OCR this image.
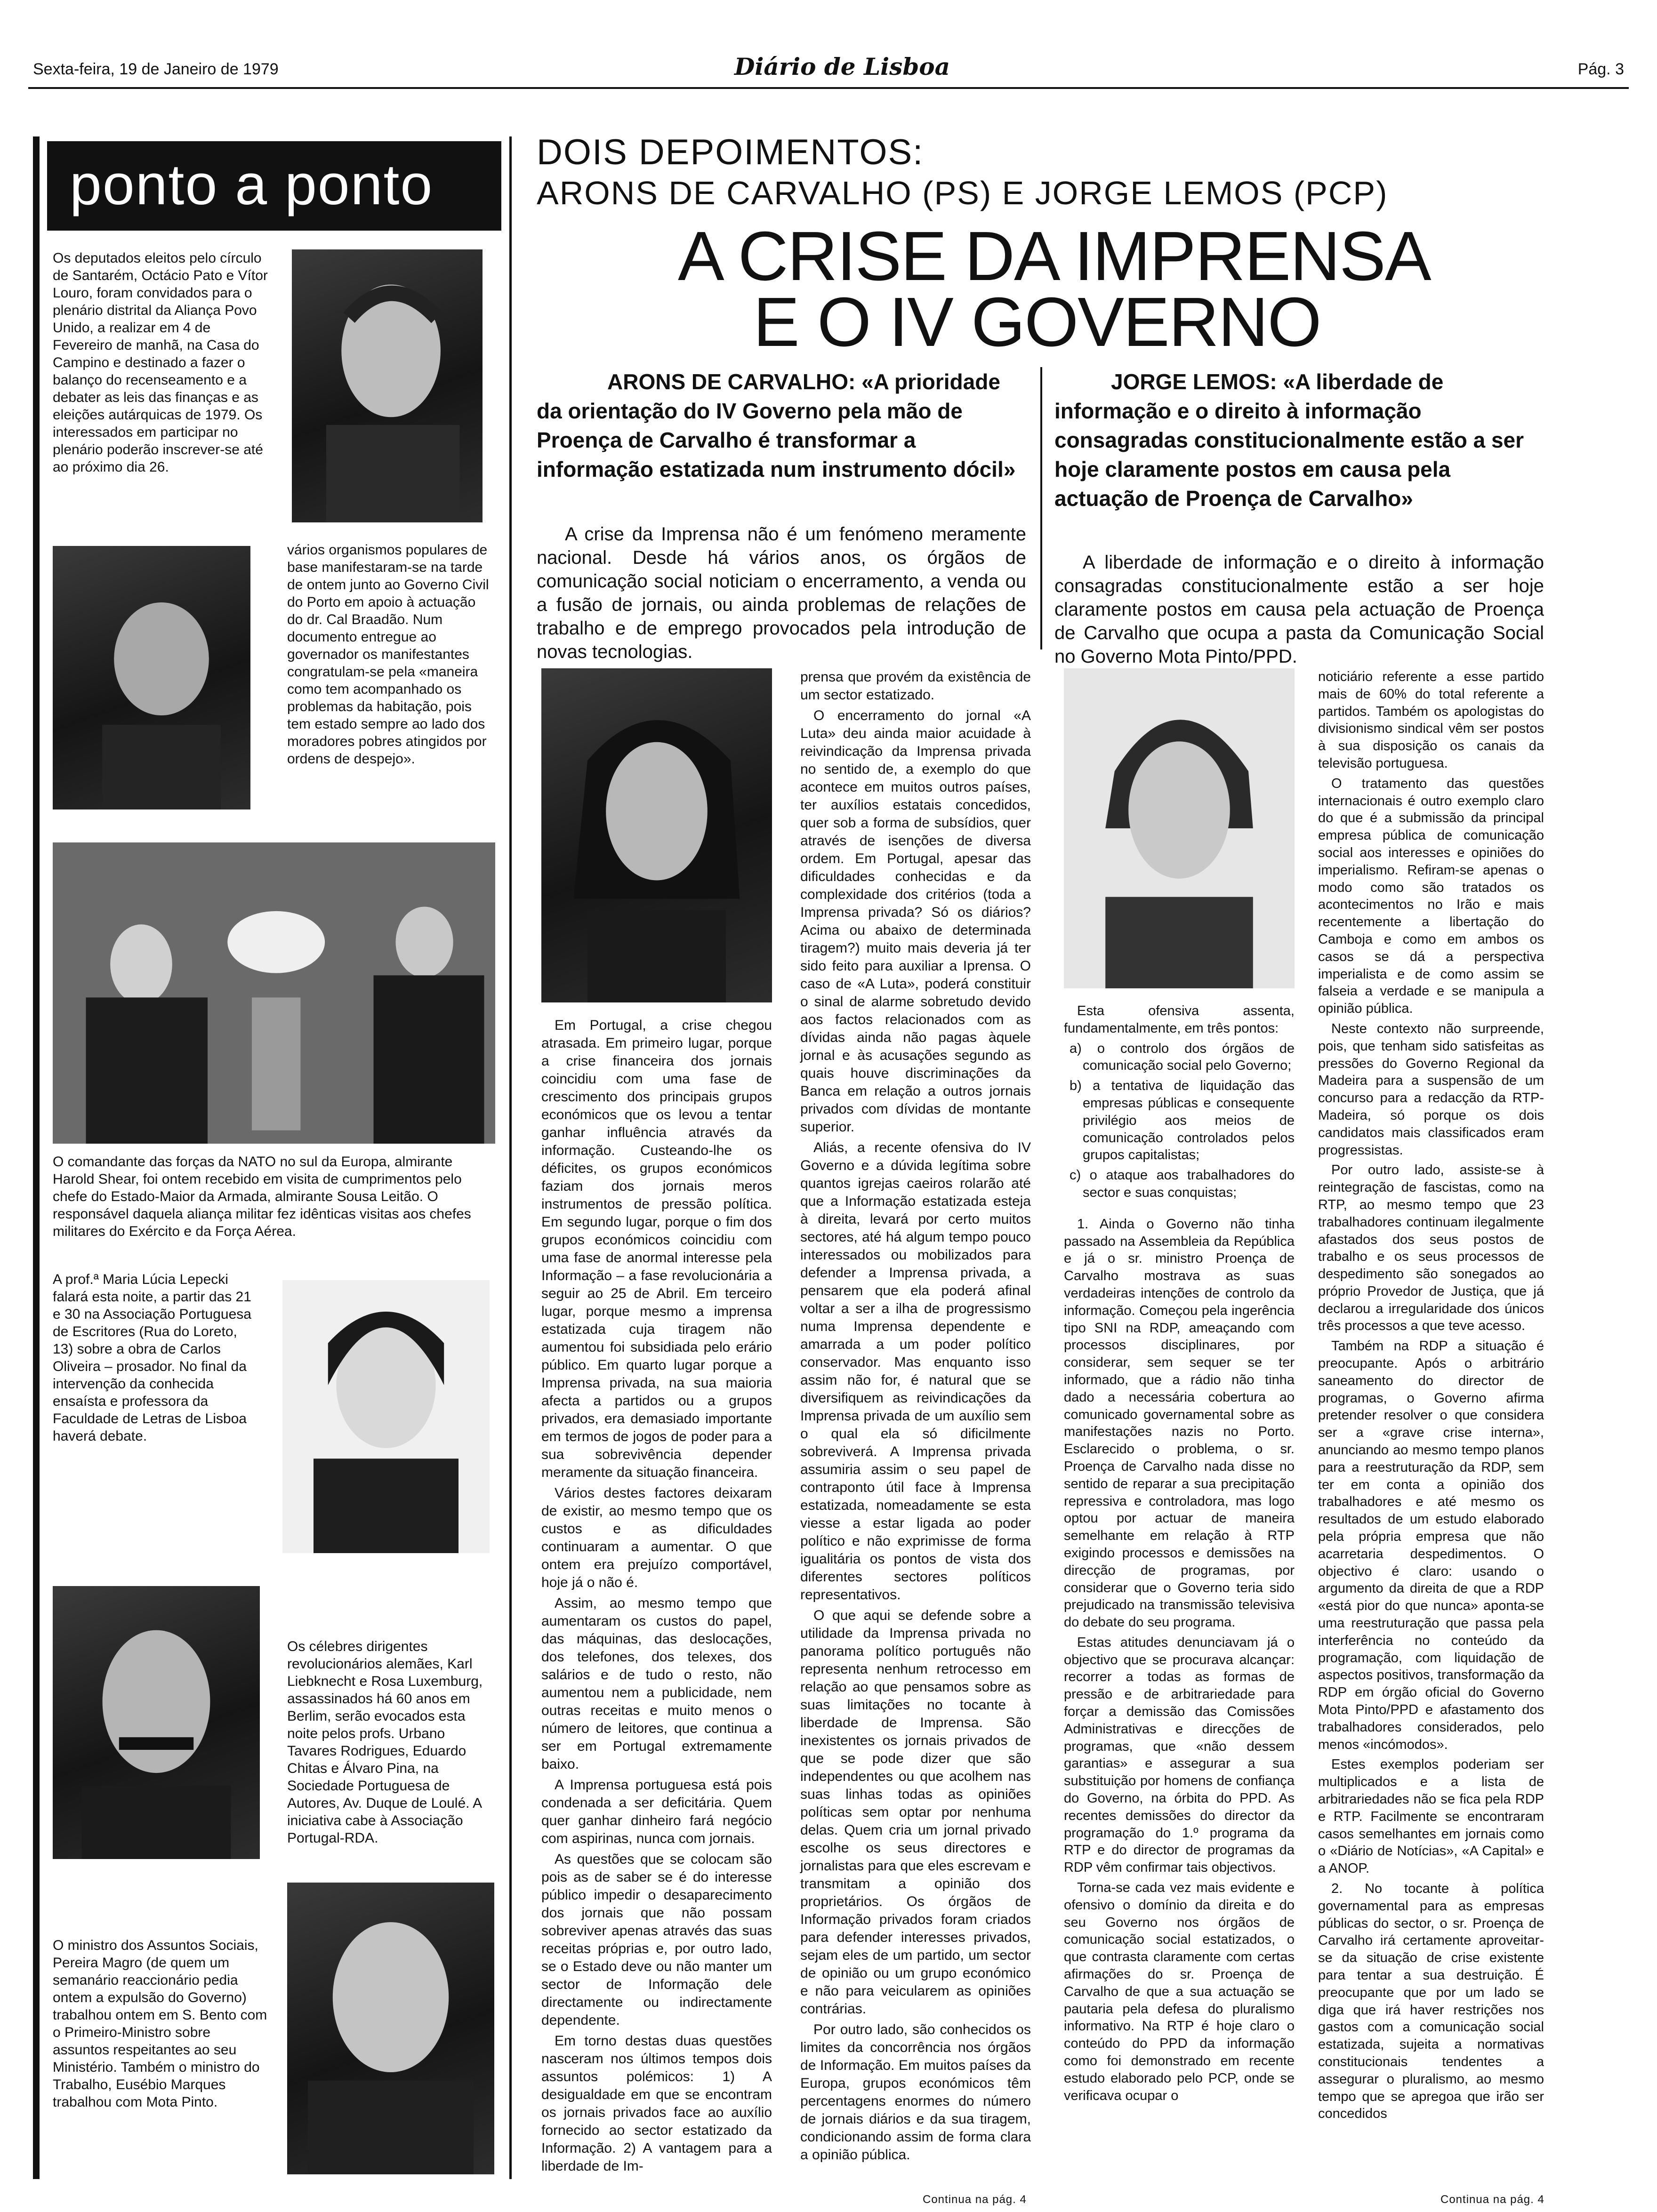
Sexta-feira, 19 de Janeiro de 1979	Diário de Lisboa	Pág. 3
ponto a ponto

Os deputados eleitos pelo círculo de Santarém, Octácio Pato e Vítor Louro, foram convidados para o plenário distrital da Aliança Povo Unido, a realizar em 4 de Fevereiro de manhã, na Casa do Campino e destinado a fazer o balanço do recenseamento e a debater as leis das finanças e as eleições autárquicas de 1979. Os interessados em participar no plenário poderão inscrever-se até ao próximo dia 26.

vários organismos populares de base manifestaram-se na tarde de ontem junto ao Governo Civil do Porto em apoio à actuação do dr. Cal Braadão. Num documento entregue ao governador os manifestantes congratulam-se pela «maneira como tem acompanhado os problemas da habitação, pois tem estado sempre ao lado dos moradores pobres atingidos por ordens de despejo».

O comandante das forças da NATO no sul da Europa, almirante Harold Shear, foi ontem recebido em visita de cumprimentos pelo chefe do Estado-Maior da Armada, almirante Sousa Leitão. O responsável daquela aliança militar fez idênticas visitas aos chefes militares do Exército e da Força Aérea.

A prof.ª Maria Lúcia Lepecki falará esta noite, a partir das 21 e 30 na Associação Portuguesa de Escritores (Rua do Loreto, 13) sobre a obra de Carlos Oliveira – prosador. No final da intervenção da conhecida ensaísta e professora da Faculdade de Letras de Lisboa haverá debate.

Os célebres dirigentes revolucionários alemães, Karl Liebknecht e Rosa Luxemburg, assassinados há 60 anos em Berlim, serão evocados esta noite pelos profs. Urbano Tavares Rodrigues, Eduardo Chitas e Álvaro Pina, na Sociedade Portuguesa de Autores, Av. Duque de Loulé. A iniciativa cabe à Associação Portugal-RDA.

O ministro dos Assuntos Sociais, Pereira Magro (de quem um semanário reaccionário pedia ontem a expulsão do Governo) trabalhou ontem em S. Bento com o Primeiro-Ministro sobre assuntos respeitantes ao seu Ministério. Também o ministro do Trabalho, Eusébio Marques trabalhou com Mota Pinto.

DOIS DEPOIMENTOS:
ARONS DE CARVALHO (PS) E JORGE LEMOS (PCP)
A CRISE DA IMPRENSA
E O IV GOVERNO

ARONS DE CARVALHO: «A prioridade da orientação do IV Governo pela mão de Proença de Carvalho é transformar a informação estatizada num instrumento dócil»

A crise da Imprensa não é um fenómeno meramente nacional. Desde há vários anos, os órgãos de comunicação social noticiam o encerramento, a venda ou a fusão de jornais, ou ainda problemas de relações de trabalho e de emprego provocados pela introdução de novas tecnologias.

Em Portugal, a crise chegou atrasada. Em primeiro lugar, porque a crise financeira dos jornais coincidiu com uma fase de crescimento dos principais grupos económicos que os levou a tentar ganhar influência através da informação. Custeando-lhe os déficites, os grupos económicos faziam dos jornais meros instrumentos de pressão política. Em segundo lugar, porque o fim dos grupos económicos coincidiu com uma fase de anormal interesse pela Informação – a fase revolucionária a seguir ao 25 de Abril. Em terceiro lugar, porque mesmo a imprensa estatizada cuja tiragem não aumentou foi subsidiada pelo erário público. Em quarto lugar porque a Imprensa privada, na sua maioria afecta a partidos ou a grupos privados, era demasiado importante em termos de jogos de poder para a sua sobrevivência depender meramente da situação financeira.

Vários destes factores deixaram de existir, ao mesmo tempo que os custos e as dificuldades continuaram a aumentar. O que ontem era prejuízo comportável, hoje já o não é.

Assim, ao mesmo tempo que aumentaram os custos do papel, das máquinas, das deslocações, dos telefones, dos telexes, dos salários e de tudo o resto, não aumentou nem a publicidade, nem outras receitas e muito menos o número de leitores, que continua a ser em Portugal extremamente baixo.

A Imprensa portuguesa está pois condenada a ser deficitária. Quem quer ganhar dinheiro fará negócio com aspirinas, nunca com jornais.

As questões que se colocam são pois as de saber se é do interesse público impedir o desaparecimento dos jornais que não possam sobreviver apenas através das suas receitas próprias e, por outro lado, se o Estado deve ou não manter um sector de Informação dele directamente ou indirectamente dependente.

Em torno destas duas questões nasceram nos últimos tempos dois assuntos polémicos: 1) A desigualdade em que se encontram os jornais privados face ao auxílio fornecido ao sector estatizado da Informação. 2) A vantagem para a liberdade de Im-

prensa que provém da existência de um sector estatizado.

O encerramento do jornal «A Luta» deu ainda maior acuidade à reivindicação da Imprensa privada no sentido de, a exemplo do que acontece em muitos outros países, ter auxílios estatais concedidos, quer sob a forma de subsídios, quer através de isenções de diversa ordem. Em Portugal, apesar das dificuldades conhecidas e da complexidade dos critérios (toda a Imprensa privada? Só os diários? Acima ou abaixo de determinada tiragem?) muito mais deveria já ter sido feito para auxiliar a Iprensa. O caso de «A Luta», poderá constituir o sinal de alarme sobretudo devido aos factos relacionados com as dívidas ainda não pagas àquele jornal e às acusações segundo as quais houve discriminações da Banca em relação a outros jornais privados com dívidas de montante superior.

Aliás, a recente ofensiva do IV Governo e a dúvida legítima sobre quantos igrejas caeiros rolarão até que a Informação estatizada esteja à direita, levará por certo muitos sectores, até há algum tempo pouco interessados ou mobilizados para defender a Imprensa privada, a pensarem que ela poderá afinal voltar a ser a ilha de progressismo numa Imprensa dependente e amarrada a um poder político conservador. Mas enquanto isso assim não for, é natural que se diversifiquem as reivindicações da Imprensa privada de um auxílio sem o qual ela só dificilmente sobreviverá. A Imprensa privada assumiria assim o seu papel de contraponto útil face à Imprensa estatizada, nomeadamente se esta viesse a estar ligada ao poder político e não exprimisse de forma igualitária os pontos de vista dos diferentes sectores políticos representativos.

O que aqui se defende sobre a utilidade da Imprensa privada no panorama político português não representa nenhum retrocesso em relação ao que pensamos sobre as suas limitações no tocante à liberdade de Imprensa. São inexistentes os jornais privados de que se pode dizer que são independentes ou que acolhem nas suas linhas todas as opiniões políticas sem optar por nenhuma delas. Quem cria um jornal privado escolhe os seus directores e jornalistas para que eles escrevam e transmitam a opinião dos proprietários. Os órgãos de Informação privados foram criados para defender interesses privados, sejam eles de um partido, um sector de opinião ou um grupo económico e não para veicularem as opiniões contrárias.

Por outro lado, são conhecidos os limites da concorrência nos órgãos de Informação. Em muitos países da Europa, grupos económicos têm percentagens enormes do número de jornais diários e da sua tiragem, condicionando assim de forma clara a opinião pública.

Continua na pág. 4

JORGE LEMOS: «A liberdade de informação e o direito à informação consagradas constitucionalmente estão a ser hoje claramente postos em causa pela actuação de Proença de Carvalho»

A liberdade de informação e o direito à informação consagradas constitucionalmente estão a ser hoje claramente postos em causa pela actuação de Proença de Carvalho que ocupa a pasta da Comunicação Social no Governo Mota Pinto/PPD.

Esta ofensiva assenta, fundamentalmente, em três pontos:

a) o controlo dos órgãos de comunicação social pelo Governo;

b) a tentativa de liquidação das empresas públicas e consequente privilégio aos meios de comunicação controlados pelos grupos capitalistas;

c) o ataque aos trabalhadores do sector e suas conquistas;

1. Ainda o Governo não tinha passado na Assembleia da República e já o sr. ministro Proença de Carvalho mostrava as suas verdadeiras intenções de controlo da informação. Começou pela ingerência tipo SNI na RDP, ameaçando com processos disciplinares, por considerar, sem sequer se ter informado, que a rádio não tinha dado a necessária cobertura ao comunicado governamental sobre as manifestações nazis no Porto. Esclarecido o problema, o sr. Proença de Carvalho nada disse no sentido de reparar a sua precipitação repressiva e controladora, mas logo optou por actuar de maneira semelhante em relação à RTP exigindo processos e demissões na direcção de programas, por considerar que o Governo teria sido prejudicado na transmissão televisiva do debate do seu programa.

Estas atitudes denunciavam já o objectivo que se procurava alcançar: recorrer a todas as formas de pressão e de arbitrariedade para forçar a demissão das Comissões Administrativas e direcções de programas, que «não dessem garantias» e assegurar a sua substituição por homens de confiança do Governo, na órbita do PPD. As recentes demissões do director da programação do 1.º programa da RTP e do director de programas da RDP vêm confirmar tais objectivos.

Torna-se cada vez mais evidente e ofensivo o domínio da direita e do seu Governo nos órgãos de comunicação social estatizados, o que contrasta claramente com certas afirmações do sr. Proença de Carvalho de que a sua actuação se pautaria pela defesa do pluralismo informativo. Na RTP é hoje claro o conteúdo do PPD da informação como foi demonstrado em recente estudo elaborado pelo PCP, onde se verificava ocupar o

noticiário referente a esse partido mais de 60% do total referente a partidos. Também os apologistas do divisionismo sindical vêm ser postos à sua disposição os canais da televisão portuguesa.

O tratamento das questões internacionais é outro exemplo claro do que é a submissão da principal empresa pública de comunicação social aos interesses e opiniões do imperialismo. Refiram-se apenas o modo como são tratados os acontecimentos no Irão e mais recentemente a libertação do Camboja e como em ambos os casos se dá a perspectiva imperialista e de como assim se falseia a verdade e se manipula a opinião pública.

Neste contexto não surpreende, pois, que tenham sido satisfeitas as pressões do Governo Regional da Madeira para a suspensão de um concurso para a redacção da RTP-Madeira, só porque os dois candidatos mais classificados eram progressistas.

Por outro lado, assiste-se à reintegração de fascistas, como na RTP, ao mesmo tempo que 23 trabalhadores continuam ilegalmente afastados dos seus postos de trabalho e os seus processos de despedimento são sonegados ao próprio Provedor de Justiça, que já declarou a irregularidade dos únicos três processos a que teve acesso.

Também na RDP a situação é preocupante. Após o arbitrário saneamento do director de programas, o Governo afirma pretender resolver o que considera ser a «grave crise interna», anunciando ao mesmo tempo planos para a reestruturação da RDP, sem ter em conta a opinião dos trabalhadores e até mesmo os resultados de um estudo elaborado pela própria empresa que não acarretaria despedimentos. O objectivo é claro: usando o argumento da direita de que a RDP «está pior do que nunca» aponta-se uma reestruturação que passa pela interferência no conteúdo da programação, com liquidação de aspectos positivos, transformação da RDP em órgão oficial do Governo Mota Pinto/PPD e afastamento dos trabalhadores considerados, pelo menos «incómodos».

Estes exemplos poderiam ser multiplicados e a lista de arbitrariedades não se fica pela RDP e RTP. Facilmente se encontraram casos semelhantes em jornais como o «Diário de Notícias», «A Capital» e a ANOP.

2. No tocante à política governamental para as empresas públicas do sector, o sr. Proença de Carvalho irá certamente aproveitar-se da situação de crise existente para tentar a sua destruição. É preocupante que por um lado se diga que irá haver restrições nos gastos com a comunicação social estatizada, sujeita a normativas constitucionais tendentes a assegurar o pluralismo, ao mesmo tempo que se apregoa que irão ser concedidos

Continua na pág. 4
